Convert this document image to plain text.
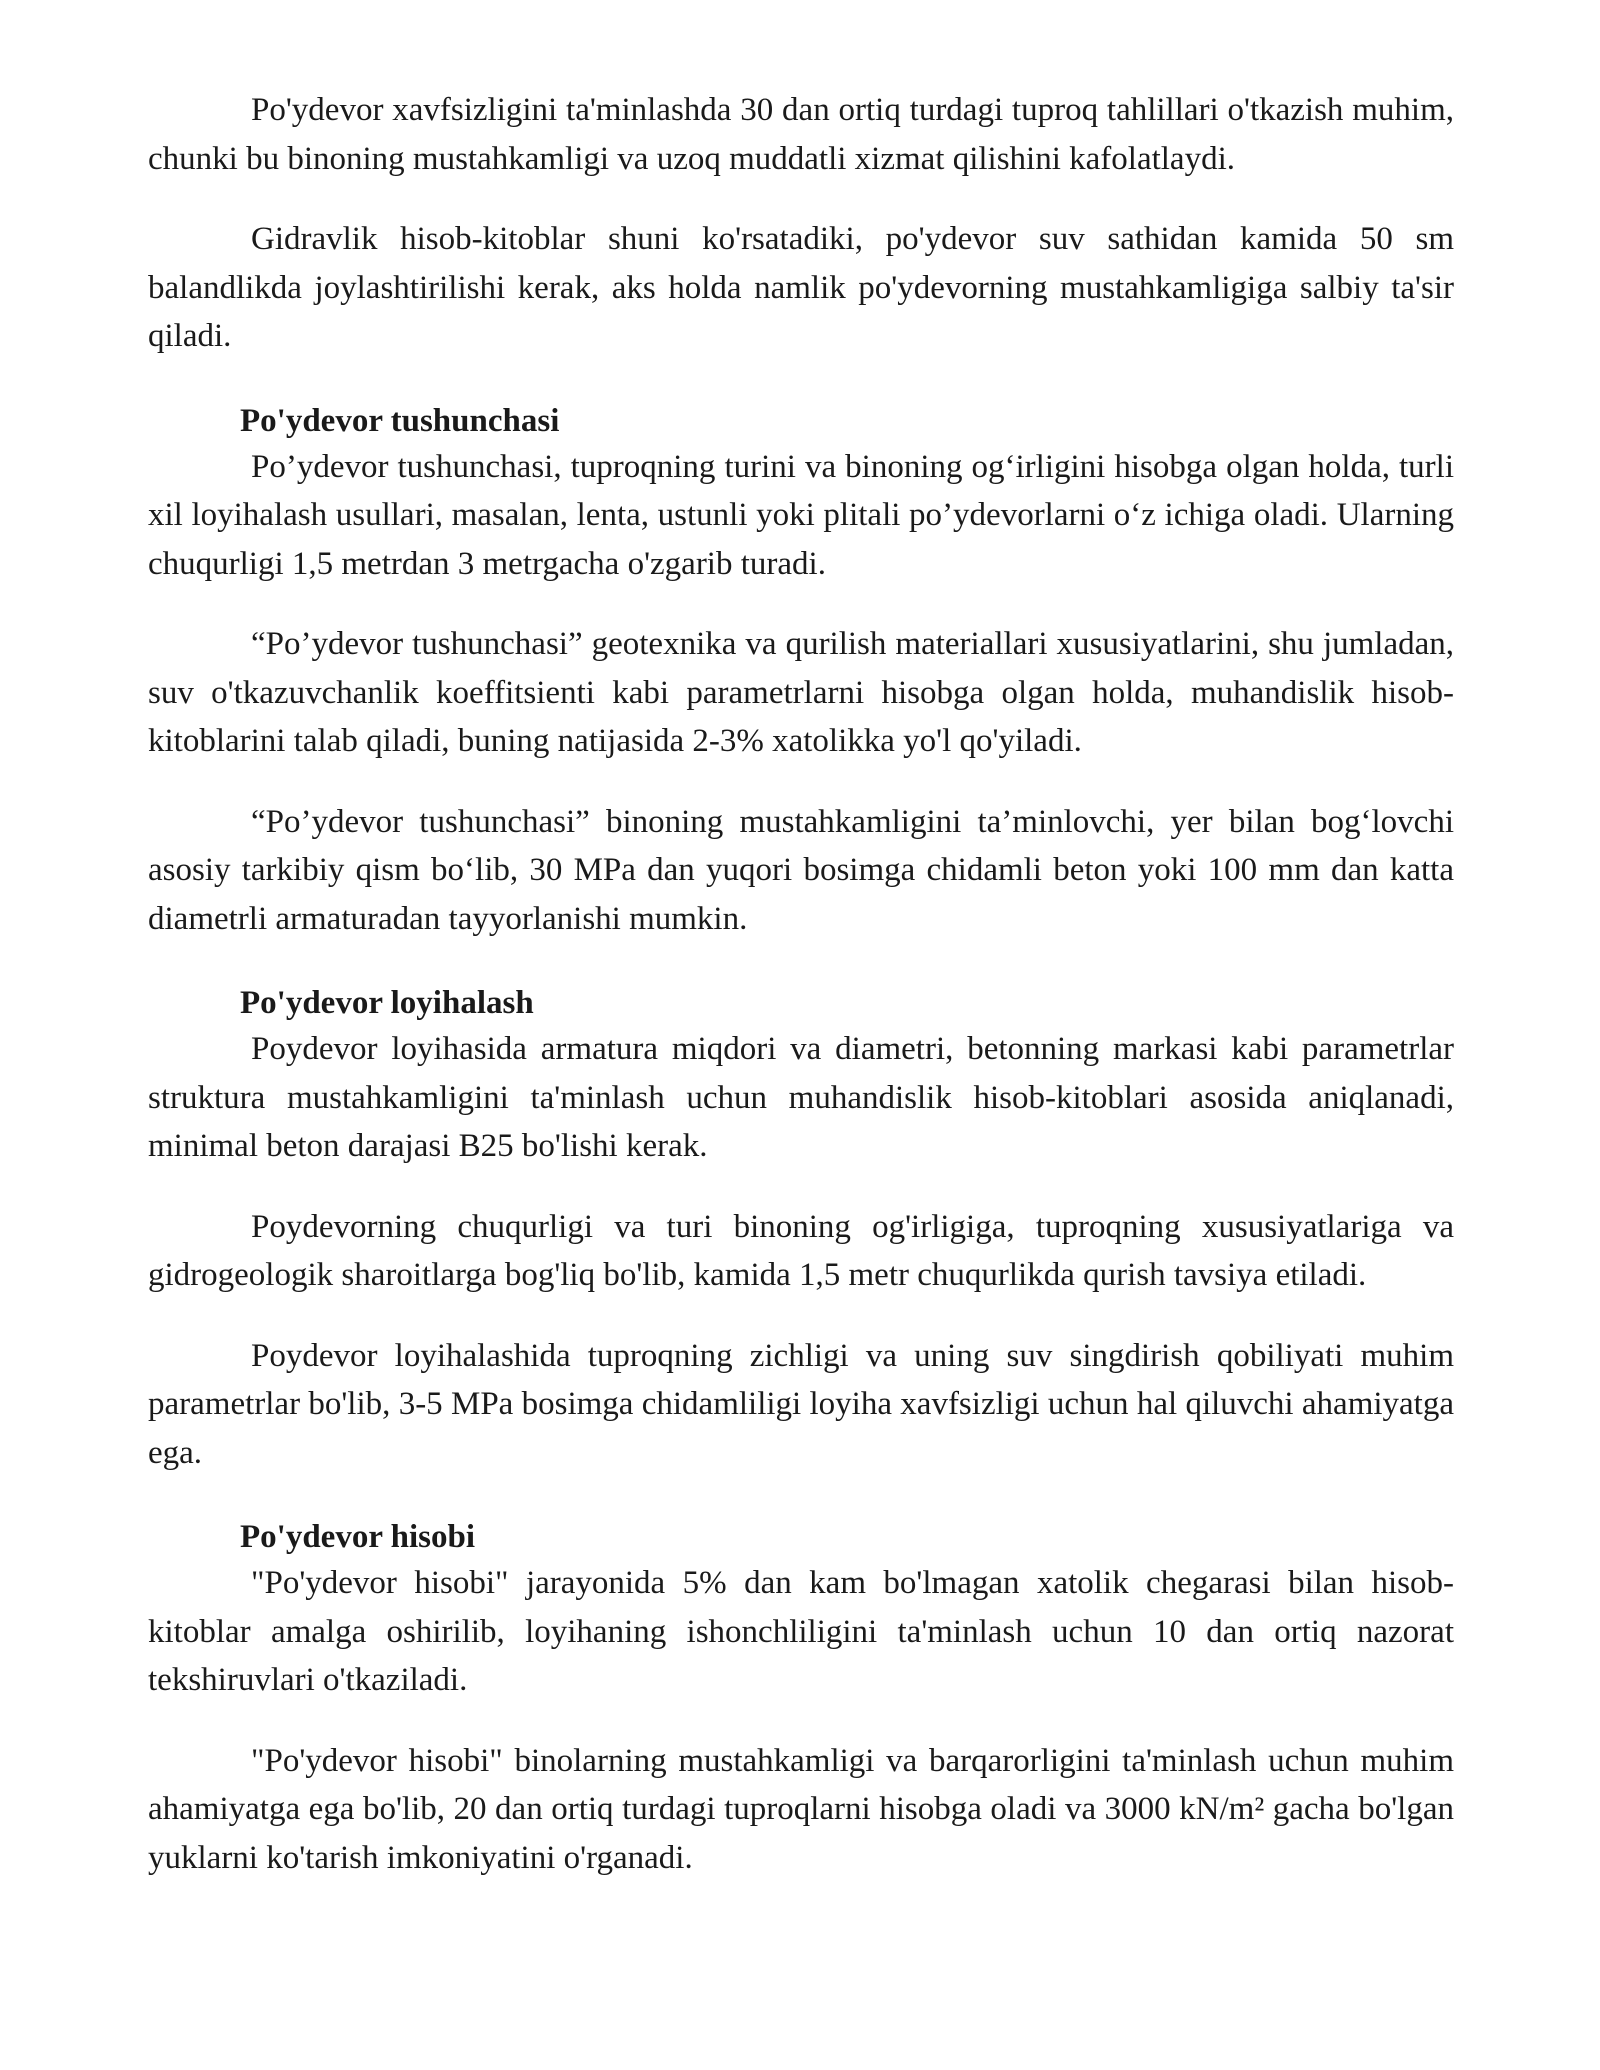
Po'ydevor xavfsizligini ta'minlashda 30 dan ortiq turdagi tuproq tahlillari o'tkazish muhim, chunki bu binoning mustahkamligi va uzoq muddatli xizmat qilishini kafolatlaydi.

Gidravlik hisob-kitoblar shuni ko'rsatadiki, po'ydevor suv sathidan kamida 50 sm balandlikda joylashtirilishi kerak, aks holda namlik po'ydevorning mustahkamligiga salbiy ta'sir qiladi.

Po'ydevor tushunchasi

Po’ydevor tushunchasi, tuproqning turini va binoning og‘irligini hisobga olgan holda, turli xil loyihalash usullari, masalan, lenta, ustunli yoki plitali po’ydevorlarni o‘z ichiga oladi. Ularning chuqurligi 1,5 metrdan 3 metrgacha o'zgarib turadi.

“Po’ydevor tushunchasi” geotexnika va qurilish materiallari xususiyatlarini, shu jumladan, suv o'tkazuvchanlik koeffitsienti kabi parametrlarni hisobga olgan holda, muhandislik hisob-kitoblarini talab qiladi, buning natijasida 2-3% xatolikka yo'l qo'yiladi.

“Po’ydevor tushunchasi” binoning mustahkamligini ta’minlovchi, yer bilan bog‘lovchi asosiy tarkibiy qism bo‘lib, 30 MPa dan yuqori bosimga chidamli beton yoki 100 mm dan katta diametrli armaturadan tayyorlanishi mumkin.

Po'ydevor loyihalash

Poydevor loyihasida armatura miqdori va diametri, betonning markasi kabi parametrlar struktura mustahkamligini ta'minlash uchun muhandislik hisob-kitoblari asosida aniqlanadi, minimal beton darajasi B25 bo'lishi kerak.

Poydevorning chuqurligi va turi binoning og'irligiga, tuproqning xususiyatlariga va gidrogeologik sharoitlarga bog'liq bo'lib, kamida 1,5 metr chuqurlikda qurish tavsiya etiladi.

Poydevor loyihalashida tuproqning zichligi va uning suv singdirish qobiliyati muhim parametrlar bo'lib, 3-5 MPa bosimga chidamliligi loyiha xavfsizligi uchun hal qiluvchi ahamiyatga ega.

Po'ydevor hisobi

"Po'ydevor hisobi" jarayonida 5% dan kam bo'lmagan xatolik chegarasi bilan hisob-kitoblar amalga oshirilib, loyihaning ishonchliligini ta'minlash uchun 10 dan ortiq nazorat tekshiruvlari o'tkaziladi.

"Po'ydevor hisobi" binolarning mustahkamligi va barqarorligini ta'minlash uchun muhim ahamiyatga ega bo'lib, 20 dan ortiq turdagi tuproqlarni hisobga oladi va 3000 kN/m² gacha bo'lgan yuklarni ko'tarish imkoniyatini o'rganadi.
